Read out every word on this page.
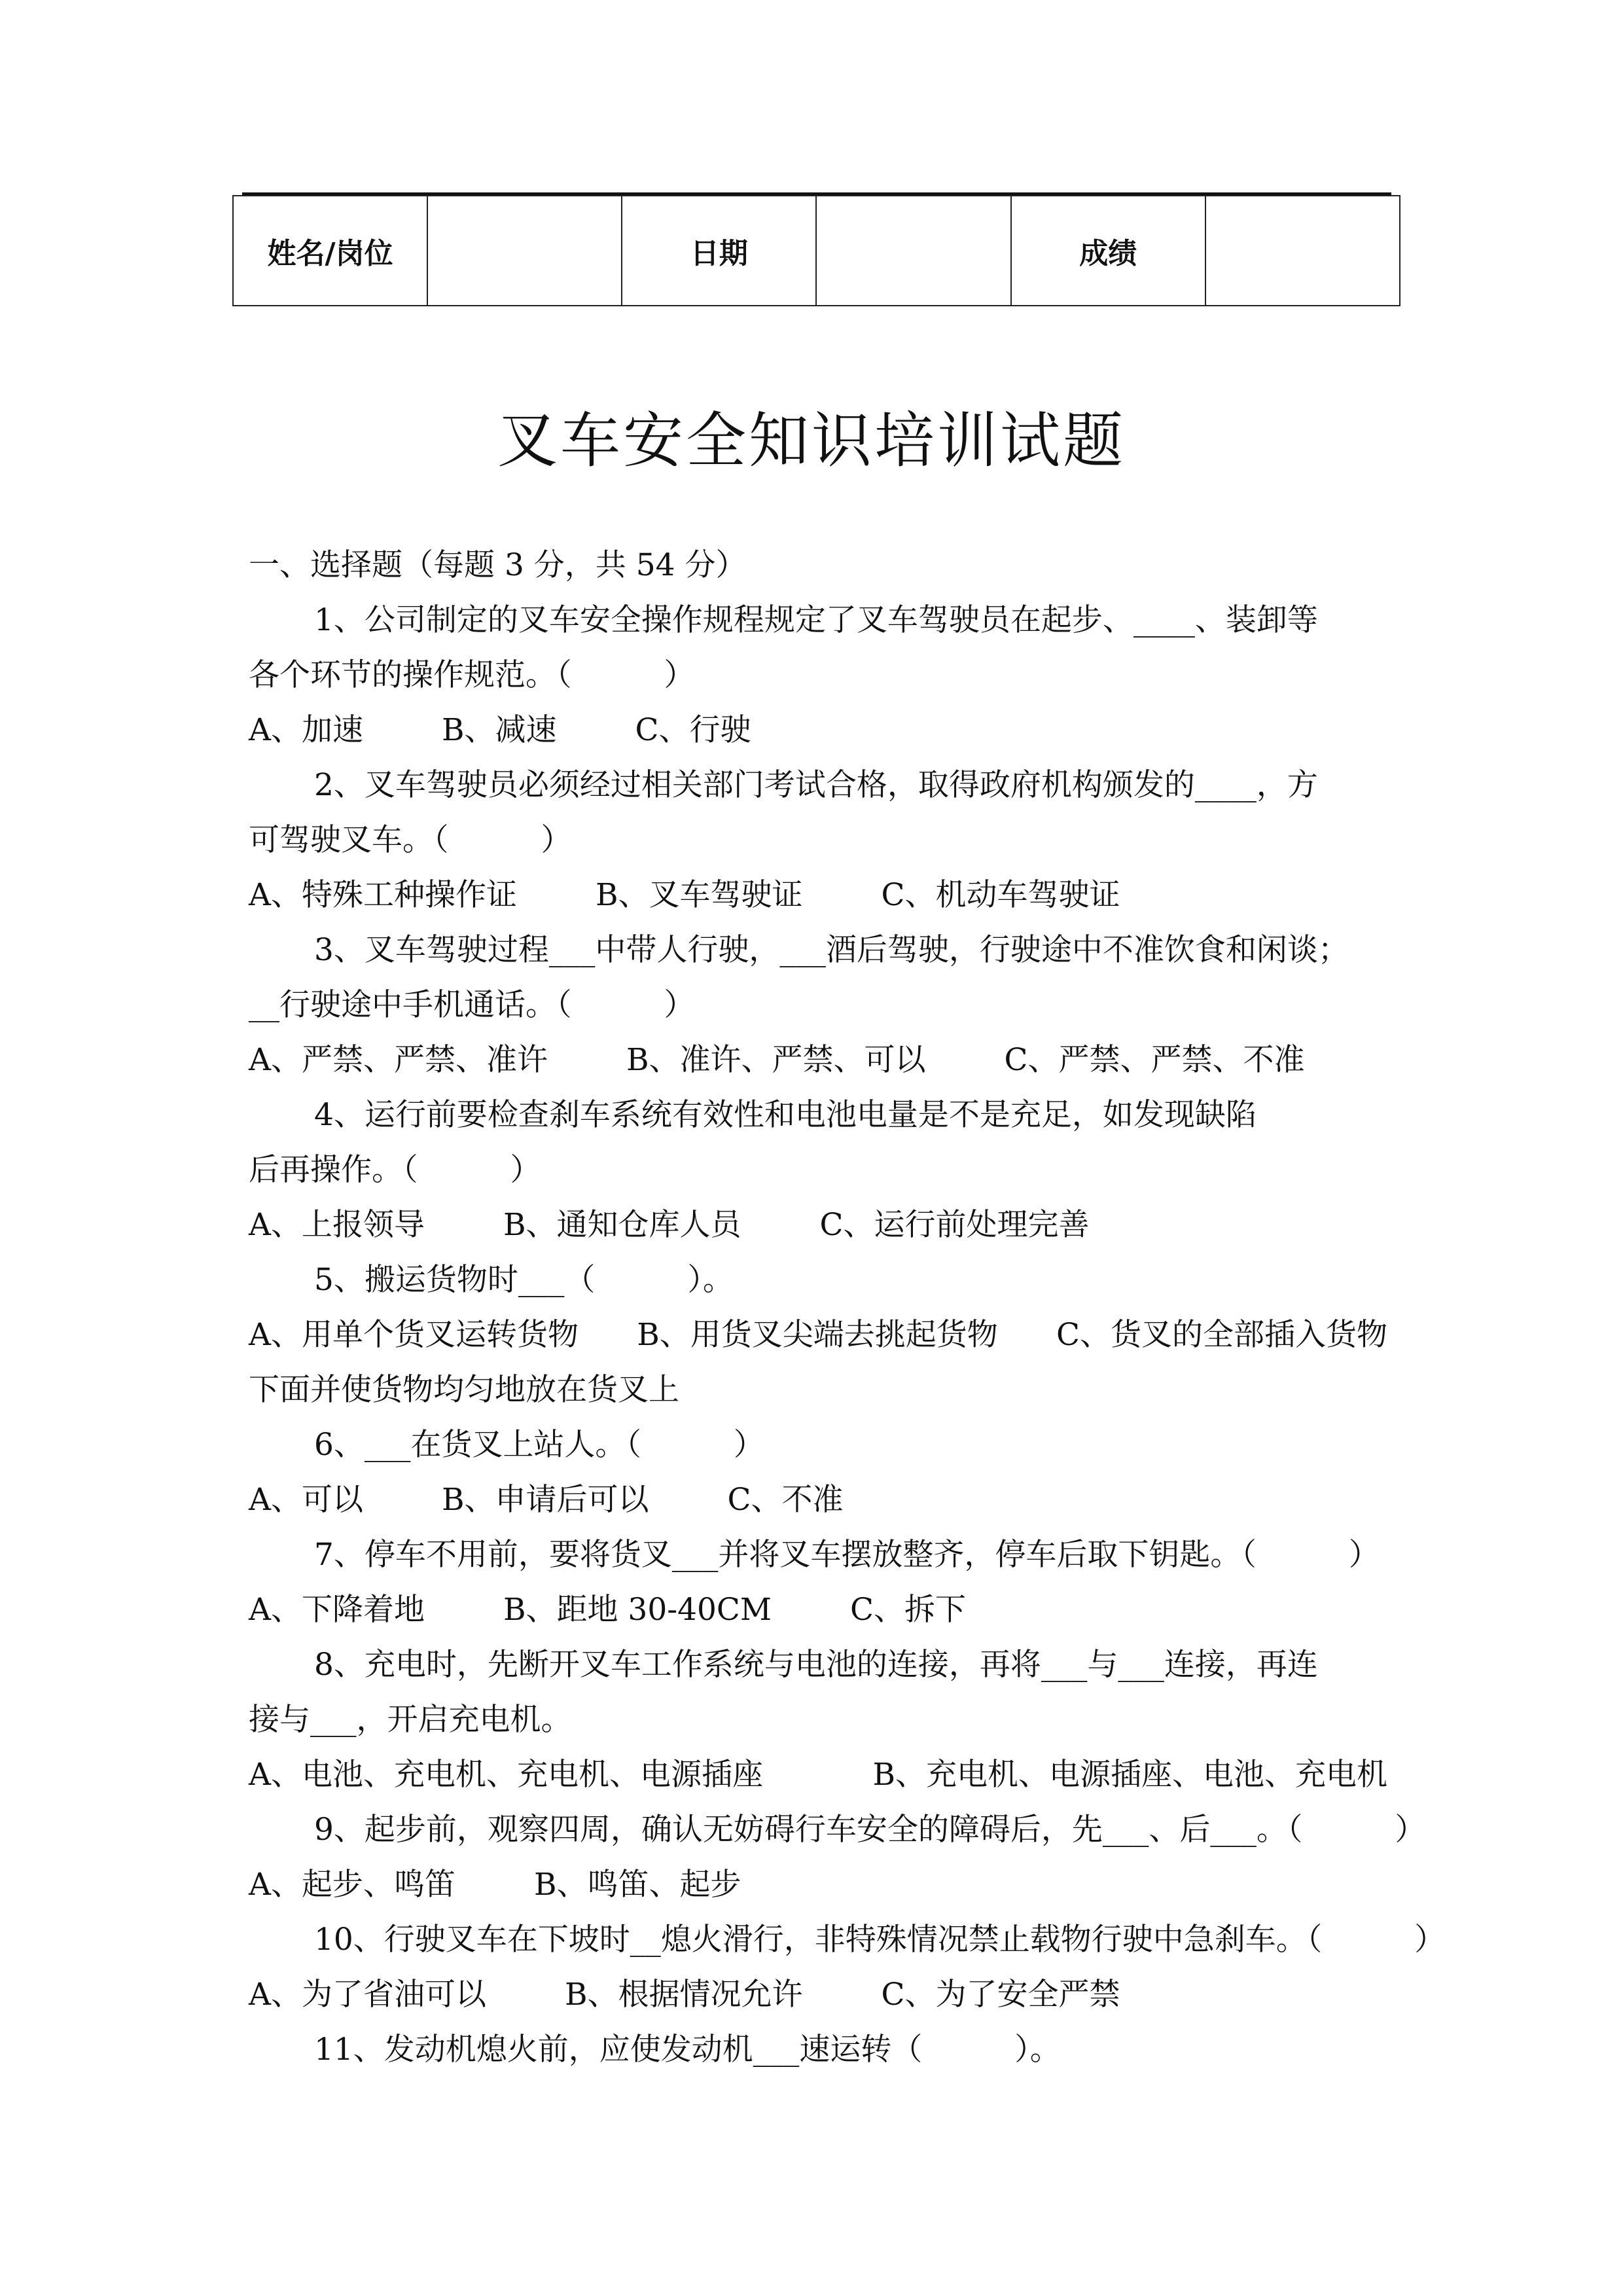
姓名/岗位		日期		成绩	
叉车安全知识培训试题
一、选择题（每题 3 分，共 54 分）
1、公司制定的叉车安全操作规程规定了叉车驾驶员在起步、____、装卸等
各个环节的操作规范。（　　　）
A、加速	B、减速	C、行驶
2、叉车驾驶员必须经过相关部门考试合格，取得政府机构颁发的____，方
可驾驶叉车。（　　　）
A、特殊工种操作证	B、叉车驾驶证	C、机动车驾驶证
3、叉车驾驶过程___中带人行驶，___酒后驾驶，行驶途中不准饮食和闲谈；
__行驶途中手机通话。（　　　）
A、严禁、严禁、准许	B、准许、严禁、可以	C、严禁、严禁、不准
4、运行前要检查刹车系统有效性和电池电量是不是充足，如发现缺陷
后再操作。（　　　）
A、上报领导	B、通知仓库人员	C、运行前处理完善
5、搬运货物时___（　　　）。
A、用单个货叉运转货物 B、用货叉尖端去挑起货物 C、货叉的全部插入货物
下面并使货物均匀地放在货叉上
6、___在货叉上站人。（　　　）
A、可以	B、申请后可以	C、不准
7、停车不用前，要将货叉___并将叉车摆放整齐，停车后取下钥匙。（　　　）
A、下降着地	B、距地 30-40CM	C、拆下
8、充电时，先断开叉车工作系统与电池的连接，再将___与___连接，再连
接与___，开启充电机。
A、电池、充电机、充电机、电源插座	B、充电机、电源插座、电池、充电机
9、起步前，观察四周，确认无妨碍行车安全的障碍后，先___、后___。（　　　）
A、起步、鸣笛	B、鸣笛、起步
10、行驶叉车在下坡时__熄火滑行，非特殊情况禁止载物行驶中急刹车。（　　　）
A、为了省油可以	B、根据情况允许	C、为了安全严禁
11、发动机熄火前，应使发动机___速运转（　　　）。
